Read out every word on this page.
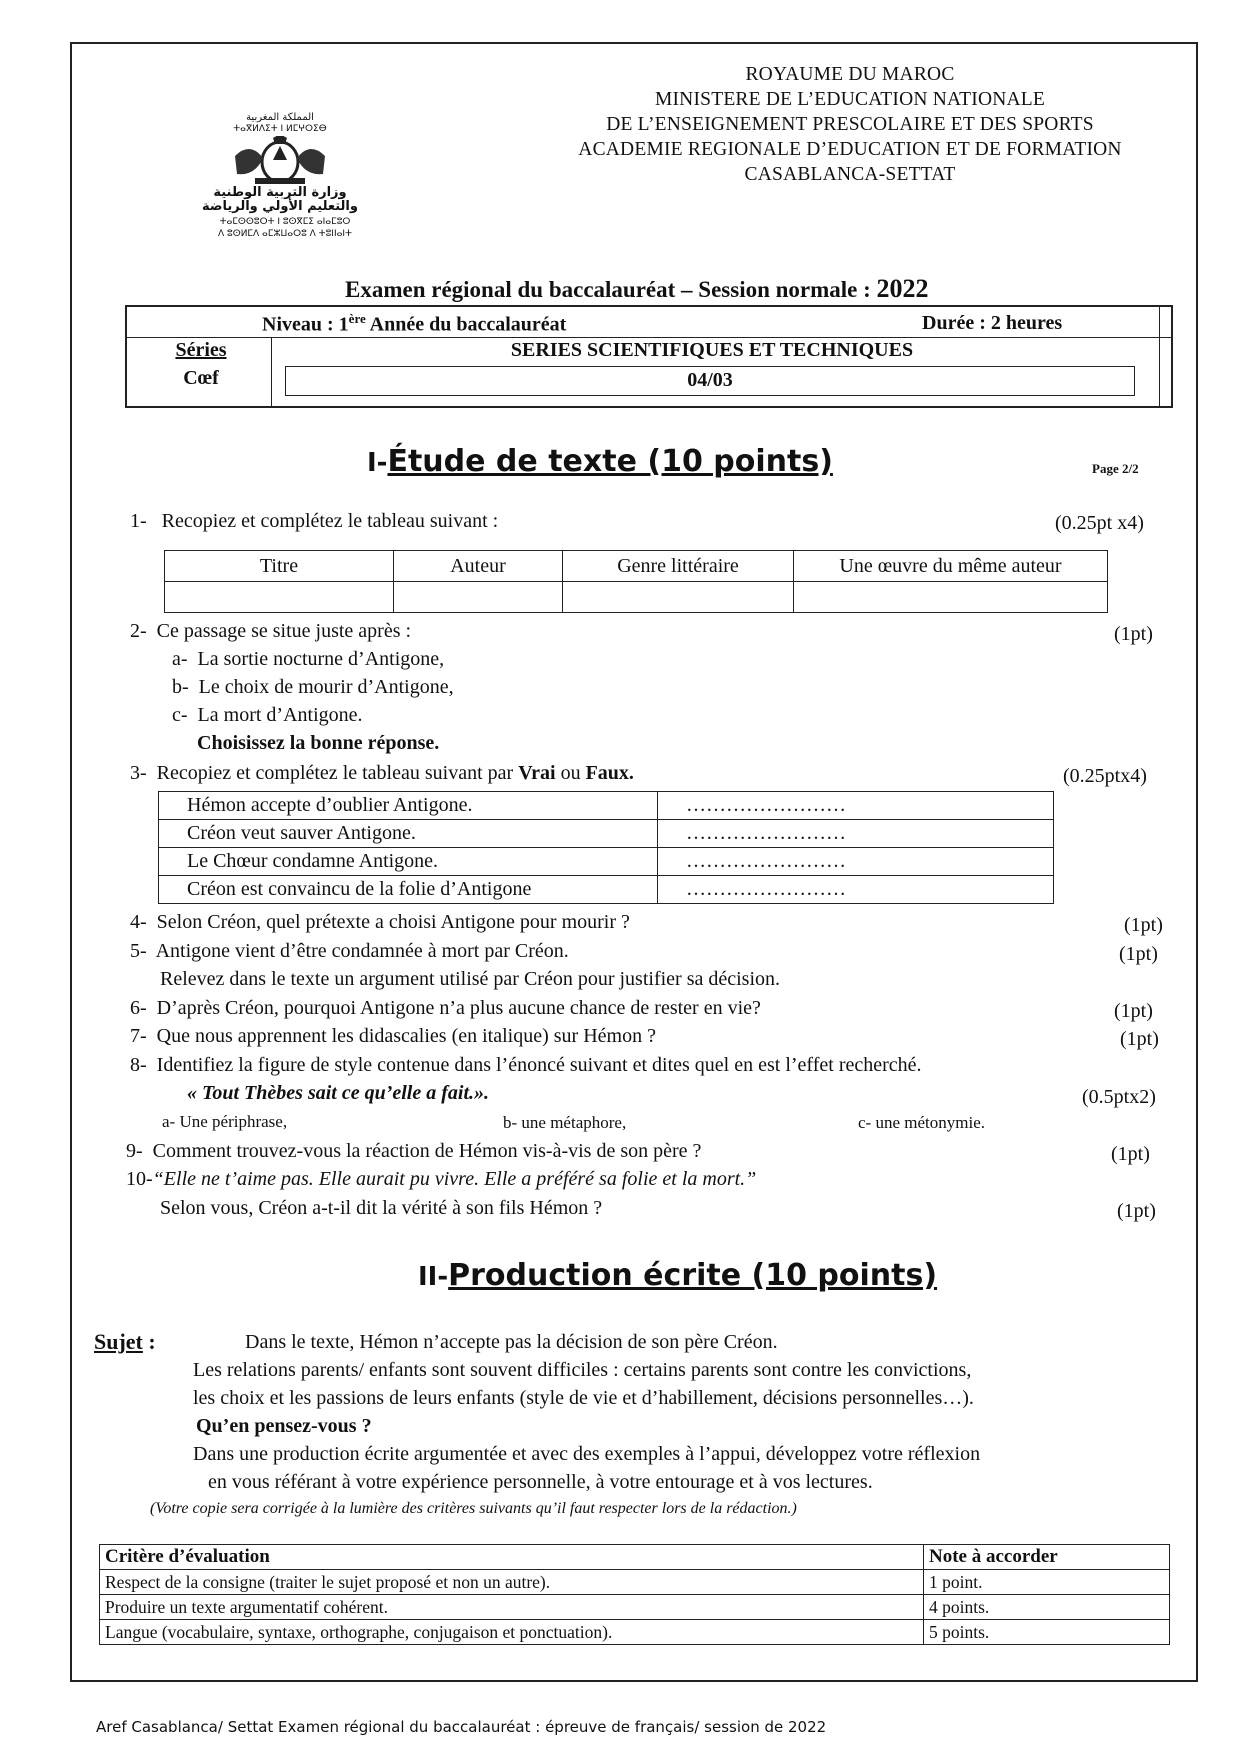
المملكة المغربية
ⵜⴰⴳⵍⴷⵉⵜ ⵏ ⵍⵎⵖⵔⵉⴱ
وزارة التربية الوطنية
والتعليم الأولي والرياضة
ⵜⴰⵎⵙⵙⵓⵔⵜ ⵏ ⵓⵙⴳⵎⵉ ⴰⵏⴰⵎⵓⵔ
ⴷ ⵓⵙⵍⵎⴷ ⴰⵎⵣⵡⴰⵔⵓ ⴷ ⵜⵓⵏⵏⴰⵏⵜ
ROYAUME DU MAROC
MINISTERE DE L’EDUCATION NATIONALE
DE L’ENSEIGNEMENT PRESCOLAIRE ET DES SPORTS
ACADEMIE REGIONALE D’EDUCATION ET DE FORMATION
CASABLANCA-SETTAT
Examen régional du baccalauréat – Session normale : 2022
Niveau : 1ère Année du baccalauréat	Durée : 2 heures
Séries
Cœf
SERIES SCIENTIFIQUES ET TECHNIQUES
04/03
I-Étude de texte (10 points)	Page 2/2
1- Recopiez et complétez le tableau suivant :	(0.25pt x4)
Titre	Auteur	Genre littéraire	Une œuvre du même auteur

2- Ce passage se situe juste après :	(1pt)
a- La sortie nocturne d’Antigone,
b- Le choix de mourir d’Antigone,
c- La mort d’Antigone.
Choisissez la bonne réponse.
3- Recopiez et complétez le tableau suivant par Vrai ou Faux.	(0.25ptx4)
Hémon accepte d’oublier Antigone.	……………………
Créon veut sauver Antigone.	……………………
Le Chœur condamne Antigone.	……………………
Créon est convaincu de la folie d’Antigone	……………………
4- Selon Créon, quel prétexte a choisi Antigone pour mourir ?	(1pt)
5- Antigone vient d’être condamnée à mort par Créon.	(1pt)
Relevez dans le texte un argument utilisé par Créon pour justifier sa décision.
6- D’après Créon, pourquoi Antigone n’a plus aucune chance de rester en vie?	(1pt)
7- Que nous apprennent les didascalies (en italique) sur Hémon ?	(1pt)
8- Identifiez la figure de style contenue dans l’énoncé suivant et dites quel en est l’effet recherché.
« Tout Thèbes sait ce qu’elle a fait.».	(0.5ptx2)
a- Une périphrase,	b- une métaphore,	c- une métonymie.
9- Comment trouvez-vous la réaction de Hémon vis-à-vis de son père ?	(1pt)
10-“Elle ne t’aime pas. Elle aurait pu vivre. Elle a préféré sa folie et la mort.”
Selon vous, Créon a-t-il dit la vérité à son fils Hémon ?	(1pt)
II-Production écrite (10 points)
Sujet :	Dans le texte, Hémon n’accepte pas la décision de son père Créon.
Les relations parents/ enfants sont souvent difficiles : certains parents sont contre les convictions,
les choix et les passions de leurs enfants (style de vie et d’habillement, décisions personnelles…).
Qu’en pensez-vous ?
Dans une production écrite argumentée et avec des exemples à l’appui, développez votre réflexion
en vous référant à votre expérience personnelle, à votre entourage et à vos lectures.
(Votre copie sera corrigée à la lumière des critères suivants qu’il faut respecter lors de la rédaction.)
Critère d’évaluation	Note à accorder
Respect de la consigne (traiter le sujet proposé et non un autre).	1 point.
Produire un texte argumentatif cohérent.	4 points.
Langue (vocabulaire, syntaxe, orthographe, conjugaison et ponctuation).	5 points.
Aref Casablanca/ Settat Examen régional du baccalauréat : épreuve de français/ session de 2022
